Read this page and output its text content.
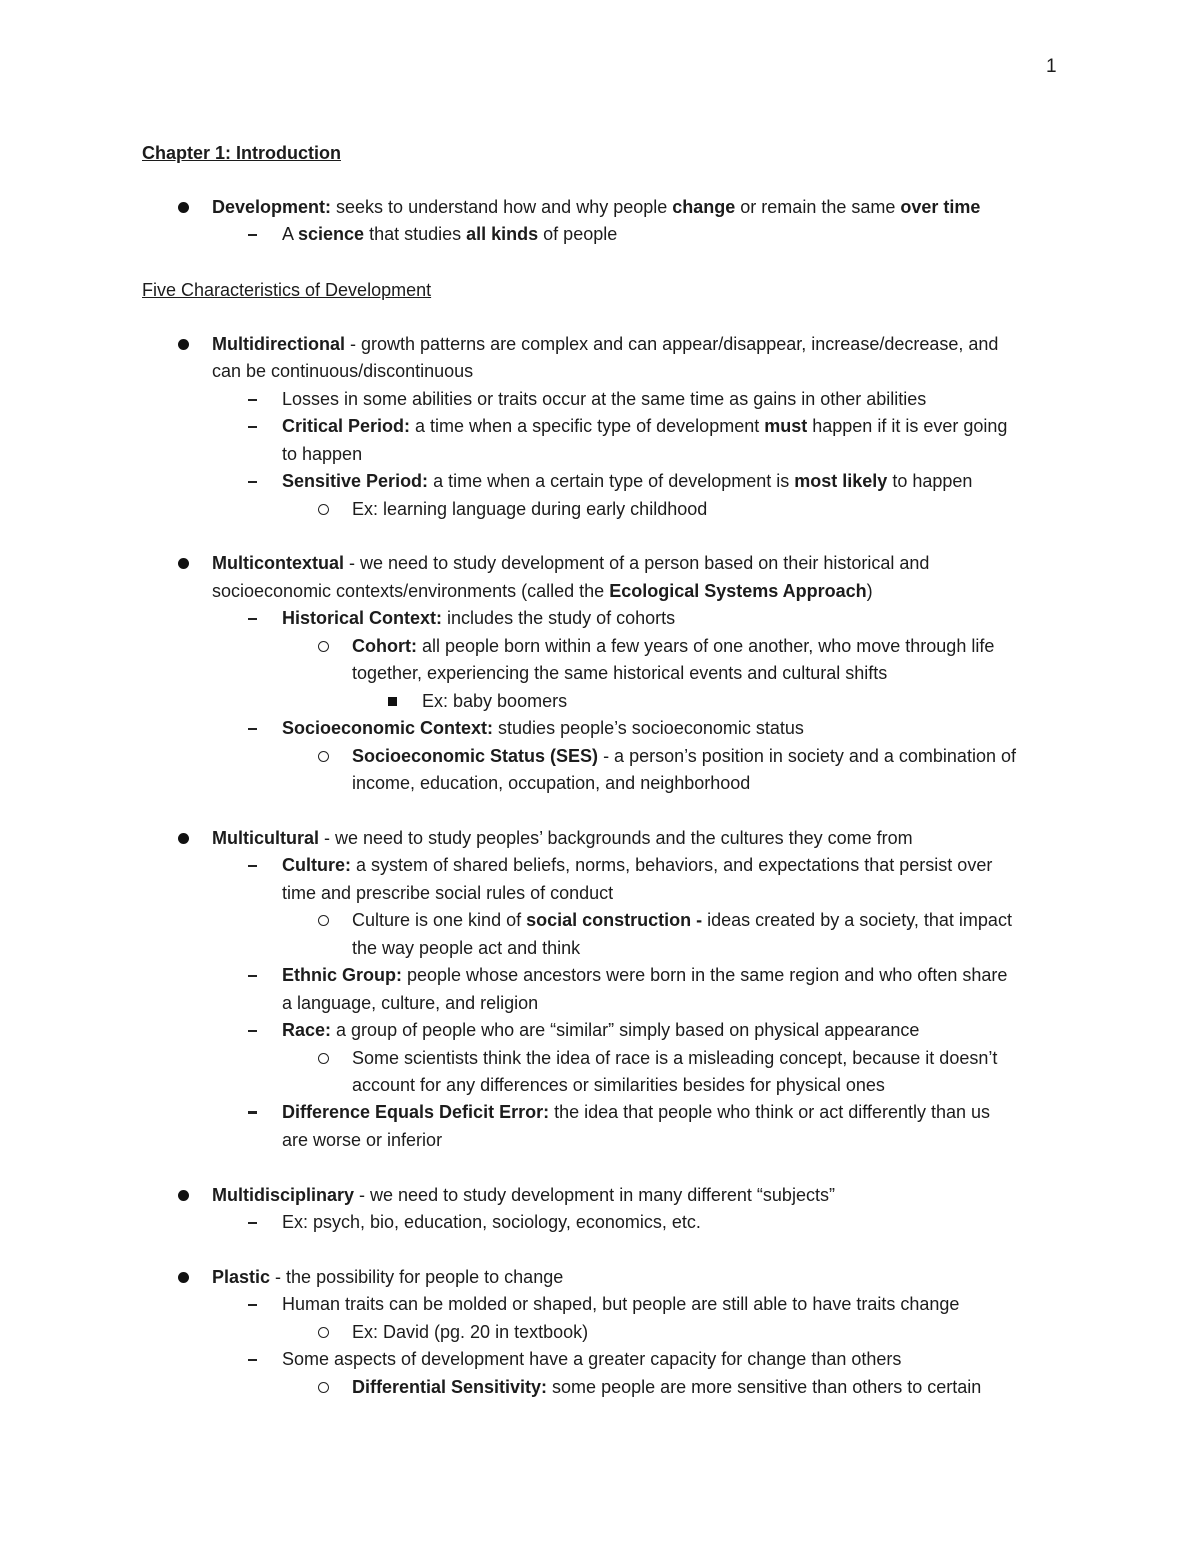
1
Chapter 1: Introduction
Five Characteristics of Development
Development: seeks to understand how and why people change or remain the same over time
A science that studies all kinds of people
Multidirectional - growth patterns are complex and can appear/disappear, increase/decrease, and
can be continuous/discontinuous
Losses in some abilities or traits occur at the same time as gains in other abilities
Critical Period: a time when a specific type of development must happen if it is ever going
to happen
Sensitive Period: a time when a certain type of development is most likely to happen
Ex: learning language during early childhood
Multicontextual - we need to study development of a person based on their historical and
socioeconomic contexts/environments (called the Ecological Systems Approach)
Historical Context: includes the study of cohorts
Cohort: all people born within a few years of one another, who move through life
together, experiencing the same historical events and cultural shifts
Ex: baby boomers
Socioeconomic Context: studies people’s socioeconomic status
Socioeconomic Status (SES) - a person’s position in society and a combination of
income, education, occupation, and neighborhood
Multicultural - we need to study peoples’ backgrounds and the cultures they come from
Culture: a system of shared beliefs, norms, behaviors, and expectations that persist over
time and prescribe social rules of conduct
Culture is one kind of social construction - ideas created by a society, that impact
the way people act and think
Ethnic Group: people whose ancestors were born in the same region and who often share
a language, culture, and religion
Race: a group of people who are “similar” simply based on physical appearance
Some scientists think the idea of race is a misleading concept, because it doesn’t
account for any differences or similarities besides for physical ones
Difference Equals Deficit Error: the idea that people who think or act differently than us
are worse or inferior
Multidisciplinary - we need to study development in many different “subjects”
Ex: psych, bio, education, sociology, economics, etc.
Plastic - the possibility for people to change
Human traits can be molded or shaped, but people are still able to have traits change
Ex: David (pg. 20 in textbook)
Some aspects of development have a greater capacity for change than others
Differential Sensitivity: some people are more sensitive than others to certain
